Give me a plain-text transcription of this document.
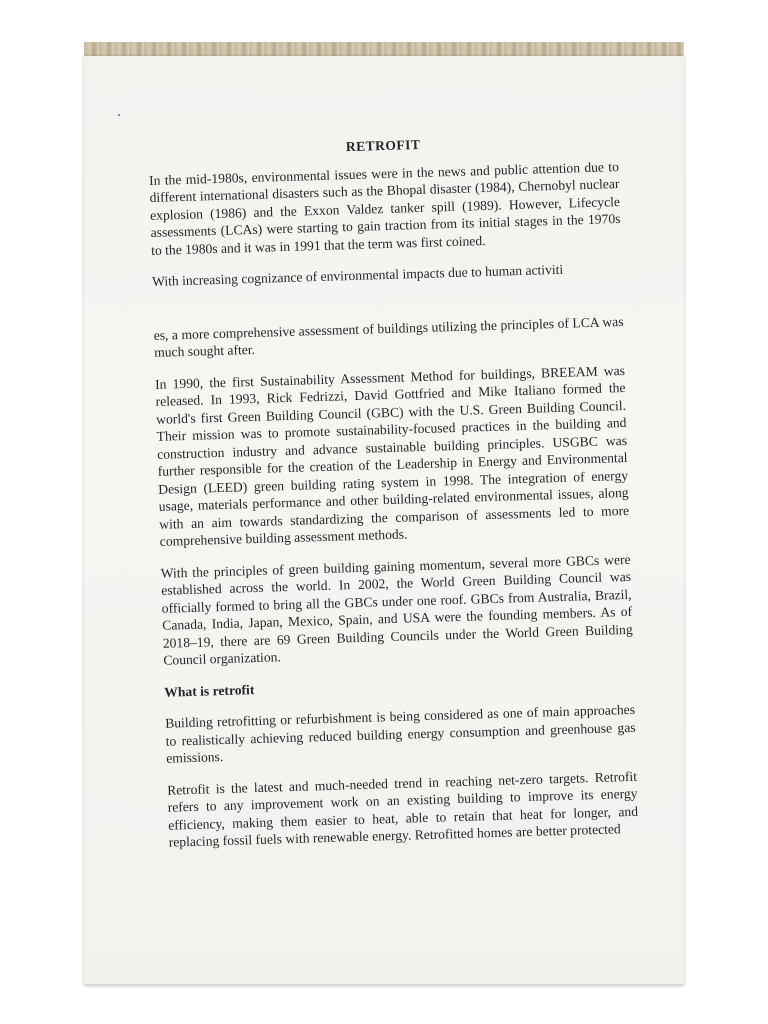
RETROFIT

In the mid-1980s, environmental issues were in the news and public attention due to different international disasters such as the Bhopal disaster (1984), Chernobyl nuclear explosion (1986) and the Exxon Valdez tanker spill (1989). However, Lifecycle assessments (LCAs) were starting to gain traction from its initial stages in the 1970s to the 1980s and it was in 1991 that the term was first coined.

With increasing cognizance of environmental impacts due to human activiti

es, a more comprehensive assessment of buildings utilizing the principles of LCA was much sought after.

In 1990, the first Sustainability Assessment Method for buildings, BREEAM was released. In 1993, Rick Fedrizzi, David Gottfried and Mike Italiano formed the world's first Green Building Council (GBC) with the U.S. Green Building Council. Their mission was to promote sustainability-focused practices in the building and construction industry and advance sustainable building principles. USGBC was further responsible for the creation of the Leadership in Energy and Environmental Design (LEED) green building rating system in 1998. The integration of energy usage, materials performance and other building-related environmental issues, along with an aim towards standardizing the comparison of assessments led to more comprehensive building assessment methods.

With the principles of green building gaining momentum, several more GBCs were established across the world. In 2002, the World Green Building Council was officially formed to bring all the GBCs under one roof. GBCs from Australia, Brazil, Canada, India, Japan, Mexico, Spain, and USA were the founding members. As of 2018–19, there are 69 Green Building Councils under the World Green Building Council organization.

What is retrofit

Building retrofitting or refurbishment is being considered as one of main approaches to realistically achieving reduced building energy consumption and greenhouse gas emissions.

Retrofit is the latest and much-needed trend in reaching net-zero targets. Retrofit refers to any improvement work on an existing building to improve its energy efficiency, making them easier to heat, able to retain that heat for longer, and replacing fossil fuels with renewable energy. Retrofitted homes are better protected
